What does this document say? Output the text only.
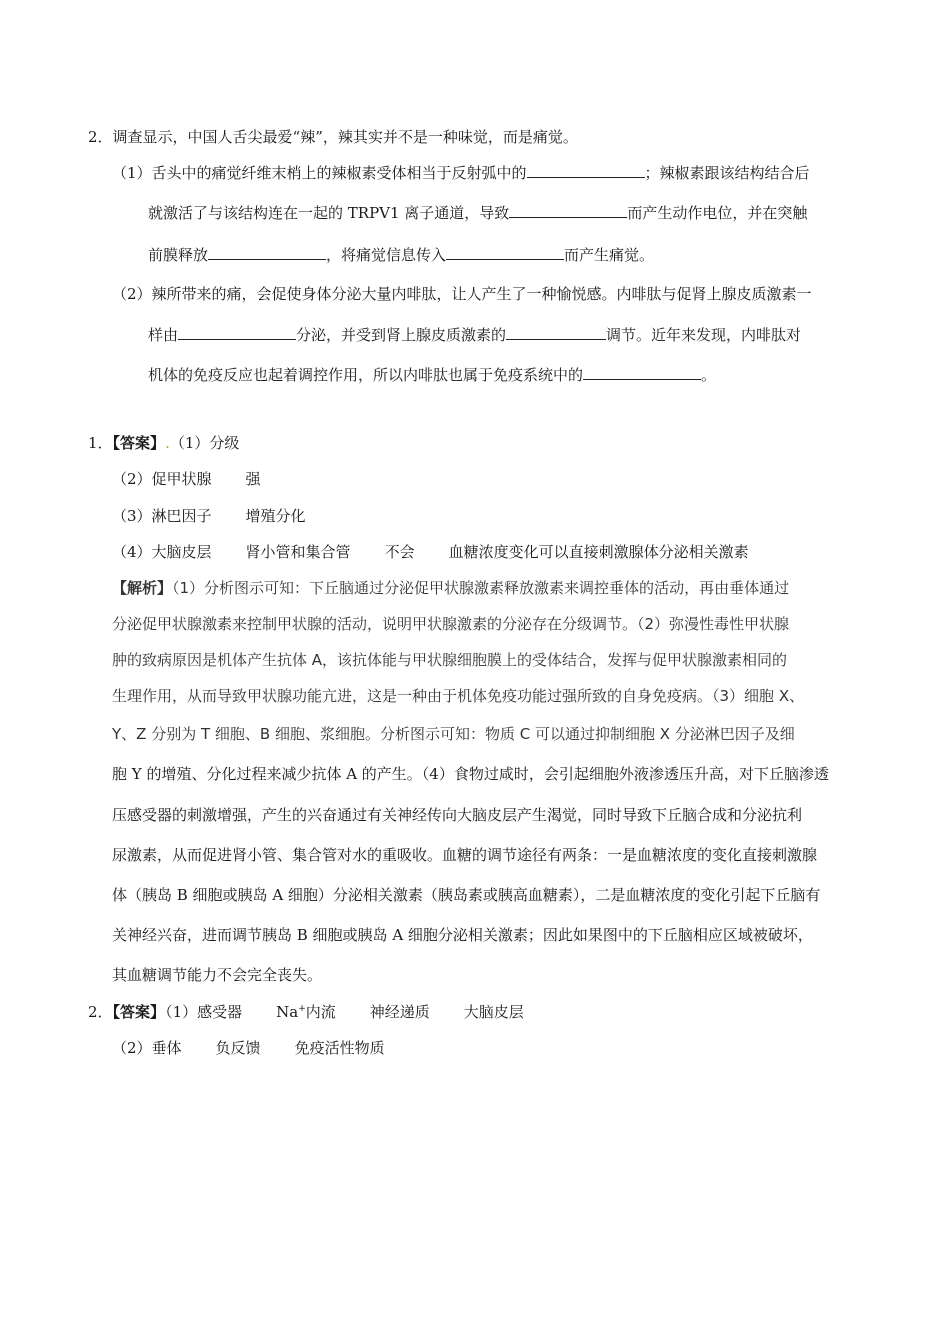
2．调查显示，中国人舌尖最爱“辣”，辣其实并不是一种味觉，而是痛觉。
（1）舌头中的痛觉纤维末梢上的辣椒素受体相当于反射弧中的	；辣椒素跟该结构结合后
就激活了与该结构连在一起的 TRPV1 离子通道，导致	而产生动作电位，并在突触
前膜释放	，将痛觉信息传入	而产生痛觉。
（2）辣所带来的痛，会促使身体分泌大量内啡肽，让人产生了一种愉悦感。内啡肽与促肾上腺皮质激素一
样由	分泌，并受到肾上腺皮质激素的	调节。近年来发现，内啡肽对
机体的免疫反应也起着调控作用，所以内啡肽也属于免疫系统中的	。
1．【答案】.（1）分级
（2）促甲状腺 强
（3）淋巴因子 增殖分化
（4）大脑皮层 肾小管和集合管 不会 血糖浓度变化可以直接刺激腺体分泌相关激素
【解析】（1）分析图示可知：下丘脑通过分泌促甲状腺激素释放激素来调控垂体的活动，再由垂体通过
分泌促甲状腺激素来控制甲状腺的活动，说明甲状腺激素的分泌存在分级调节。（2）弥漫性毒性甲状腺
肿的致病原因是机体产生抗体 A，该抗体能与甲状腺细胞膜上的受体结合，发挥与促甲状腺激素相同的
生理作用，从而导致甲状腺功能亢进，这是一种由于机体免疫功能过强所致的自身免疫病。（3）细胞 X、
Y、Z 分别为 T 细胞、B 细胞、浆细胞。分析图示可知：物质 C 可以通过抑制细胞 X 分泌淋巴因子及细
胞 Y 的增殖、分化过程来减少抗体 A 的产生。（4）食物过咸时，会引起细胞外液渗透压升高，对下丘脑渗透
压感受器的刺激增强，产生的兴奋通过有关神经传向大脑皮层产生渴觉，同时导致下丘脑合成和分泌抗利
尿激素，从而促进肾小管、集合管对水的重吸收。血糖的调节途径有两条：一是血糖浓度的变化直接刺激腺
体（胰岛 B 细胞或胰岛 A 细胞）分泌相关激素（胰岛素或胰高血糖素），二是血糖浓度的变化引起下丘脑有
关神经兴奋，进而调节胰岛 B 细胞或胰岛 A 细胞分泌相关激素；因此如果图中的下丘脑相应区域被破坏，
其血糖调节能力不会完全丧失。
2．【答案】（1）感受器 Na+内流 神经递质 大脑皮层
（2）垂体 负反馈 免疫活性物质
